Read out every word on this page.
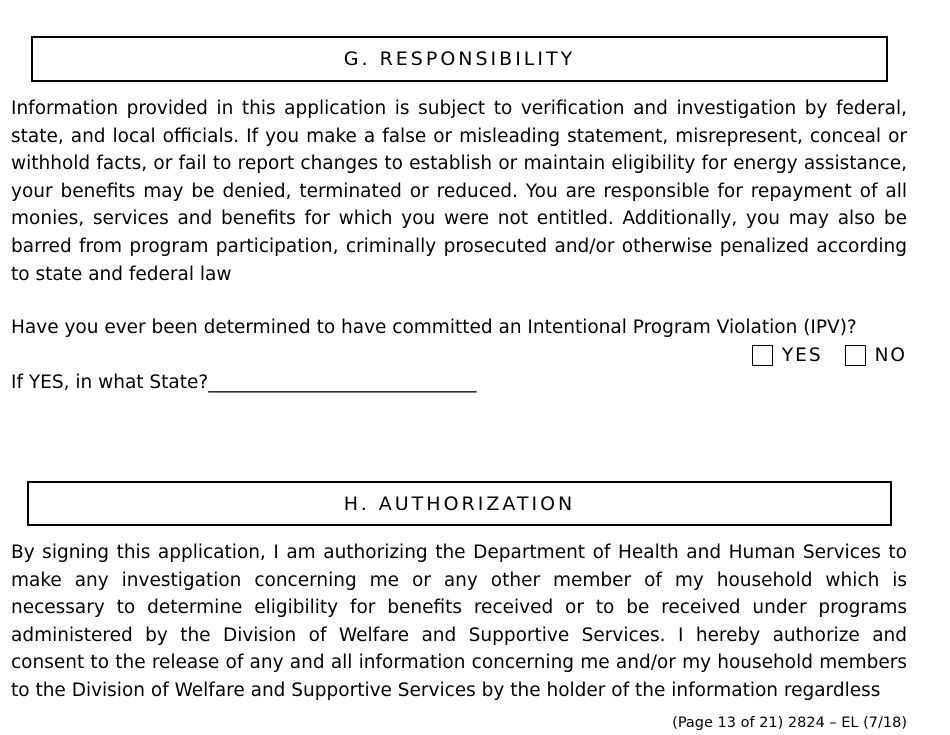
G. RESPONSIBILITY

Information provided in this application is subject to verification and investigation by federal, state, and local officials. If you make a false or misleading statement, misrepresent, conceal or withhold facts, or fail to report changes to establish or maintain eligibility for energy assistance, your benefits may be denied, terminated or reduced. You are responsible for repayment of all monies, services and benefits for which you were not entitled. Additionally, you may also be barred from program participation, criminally prosecuted and/or otherwise penalized according to state and federal law

Have you ever been determined to have committed an Intentional Program Violation (IPV)?
YES	NO
If YES, in what State?_____________________________
H. AUTHORIZATION

By signing this application, I am authorizing the Department of Health and Human Services to make any investigation concerning me or any other member of my household which is necessary to determine eligibility for benefits received or to be received under programs administered by the Division of Welfare and Supportive Services. I hereby authorize and consent to the release of any and all information concerning me and/or my household members to the Division of Welfare and Supportive Services by the holder of the information regardless

(Page 13 of 21) 2824 – EL (7/18)
